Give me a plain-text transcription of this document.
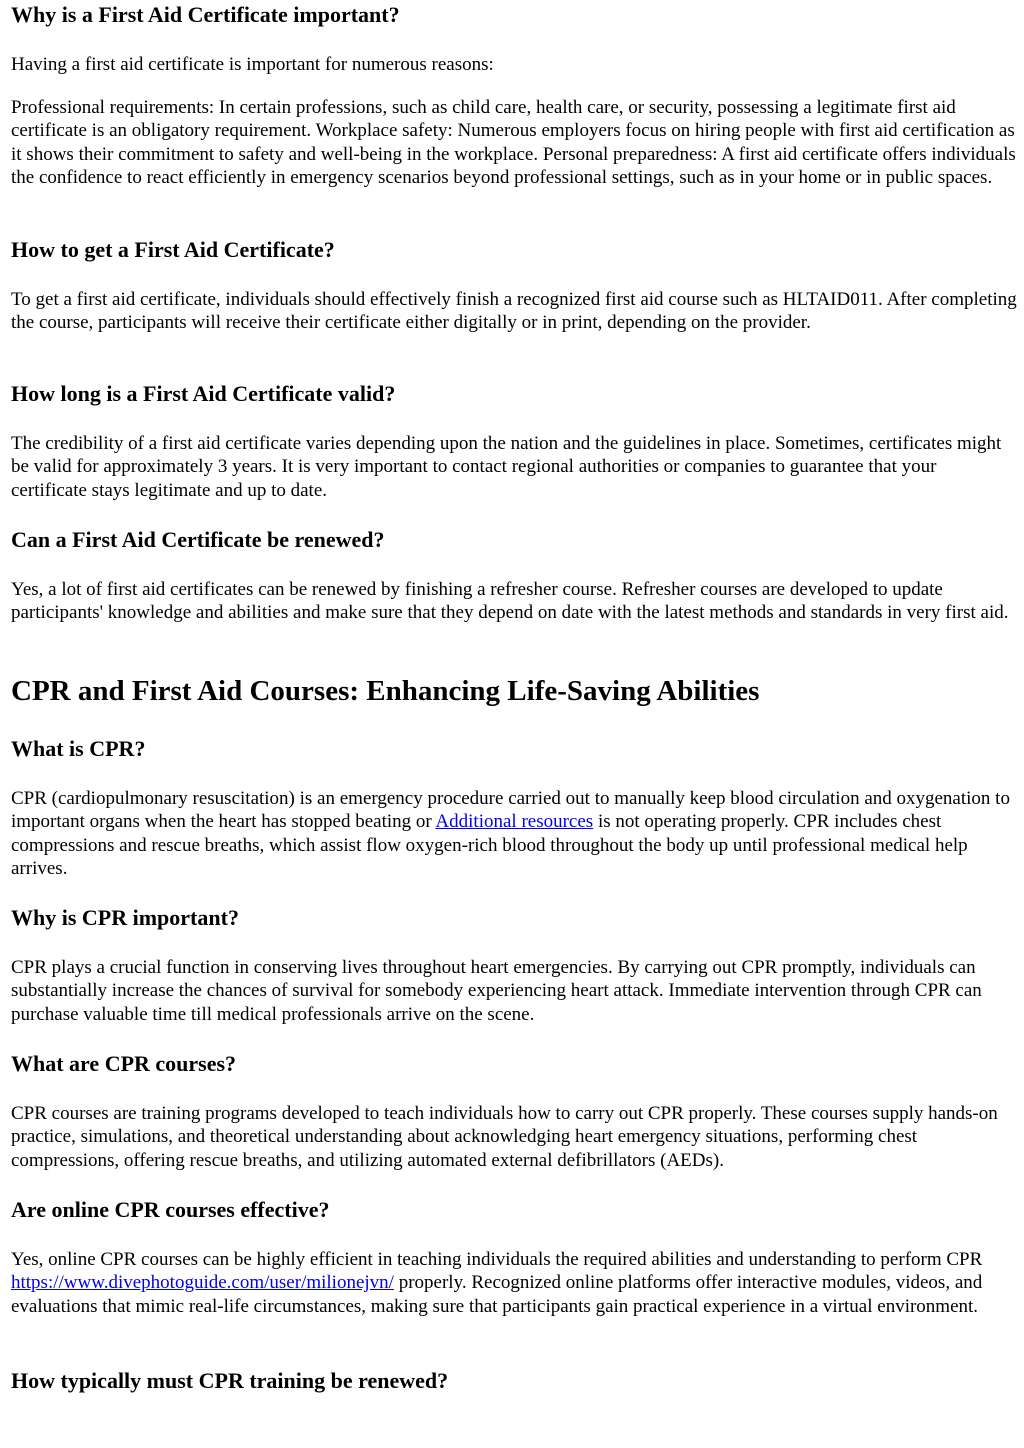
Why is a First Aid Certificate important?

Having a first aid certificate is important for numerous reasons:

Professional requirements: In certain professions, such as child care, health care, or security, possessing a legitimate first aid certificate is an obligatory requirement. Workplace safety: Numerous employers focus on hiring people with first aid certification as it shows their commitment to safety and well-being in the workplace. Personal preparedness: A first aid certificate offers individuals the confidence to react efficiently in emergency scenarios beyond professional settings, such as in your home or in public spaces.

How to get a First Aid Certificate?

To get a first aid certificate, individuals should effectively finish a recognized first aid course such as HLTAID011. After completing the course, participants will receive their certificate either digitally or in print, depending on the provider.

How long is a First Aid Certificate valid?

The credibility of a first aid certificate varies depending upon the nation and the guidelines in place. Sometimes, certificates might be valid for approximately 3 years. It is very important to contact regional authorities or companies to guarantee that your certificate stays legitimate and up to date.

Can a First Aid Certificate be renewed?

Yes, a lot of first aid certificates can be renewed by finishing a refresher course. Refresher courses are developed to update participants' knowledge and abilities and make sure that they depend on date with the latest methods and standards in very first aid.

CPR and First Aid Courses: Enhancing Life-Saving Abilities
What is CPR?

CPR (cardiopulmonary resuscitation) is an emergency procedure carried out to manually keep blood circulation and oxygenation to important organs when the heart has stopped beating or Additional resources is not operating properly. CPR includes chest compressions and rescue breaths, which assist flow oxygen-rich blood throughout the body up until professional medical help arrives.

Why is CPR important?

CPR plays a crucial function in conserving lives throughout heart emergencies. By carrying out CPR promptly, individuals can substantially increase the chances of survival for somebody experiencing heart attack. Immediate intervention through CPR can purchase valuable time till medical professionals arrive on the scene.

What are CPR courses?

CPR courses are training programs developed to teach individuals how to carry out CPR properly. These courses supply hands-on practice, simulations, and theoretical understanding about acknowledging heart emergency situations, performing chest compressions, offering rescue breaths, and utilizing automated external defibrillators (AEDs).

Are online CPR courses effective?

Yes, online CPR courses can be highly efficient in teaching individuals the required abilities and understanding to perform CPR https://www.divephotoguide.com/user/milionejvn/ properly. Recognized online platforms offer interactive modules, videos, and evaluations that mimic real-life circumstances, making sure that participants gain practical experience in a virtual environment.

How typically must CPR training be renewed?
